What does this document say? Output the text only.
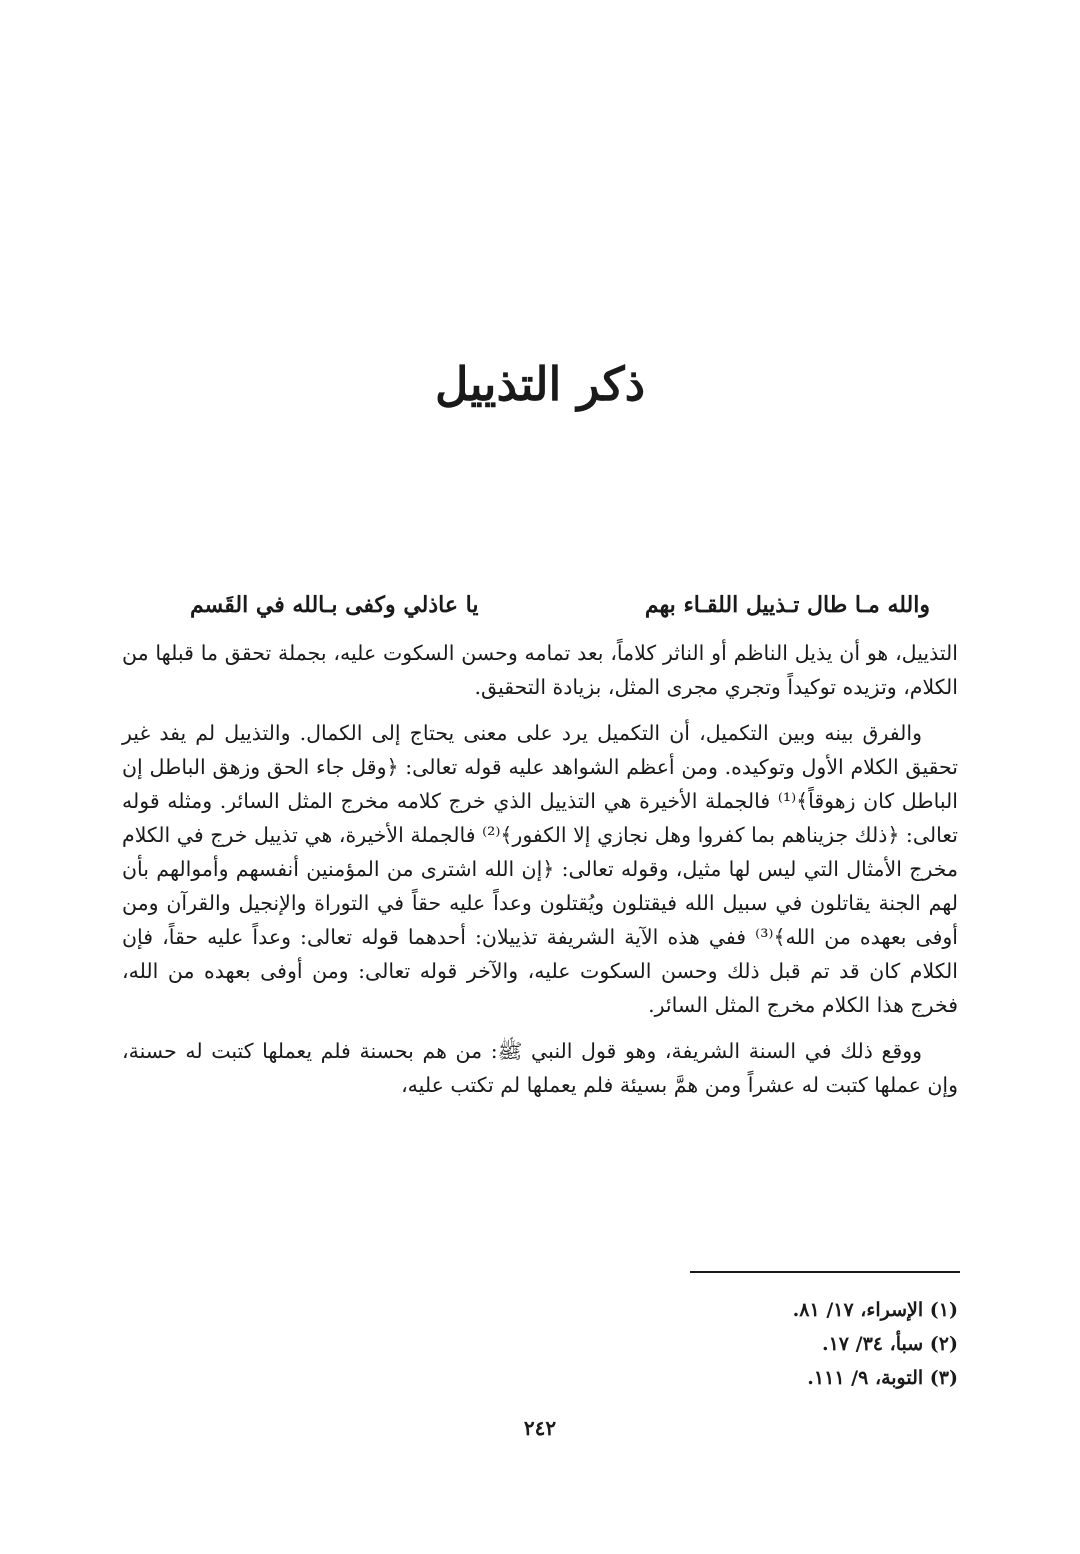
ذكر التذييل
والله مـا طال تـذييل اللقـاء بهم
يا عاذلي وكفى بـالله في القَسم

التذييل، هو أن يذيل الناظم أو الناثر كلاماً، بعد تمامه وحسن السكوت عليه، بجملة تحقق ما قبلها من الكلام، وتزيده توكيداً وتجري مجرى المثل، بزيادة التحقيق.

والفرق بينه وبين التكميل، أن التكميل يرد على معنى يحتاج إلى الكمال. والتذييل لم يفد غير تحقيق الكلام الأول وتوكيده. ومن أعظم الشواهد عليه قوله تعالى: ﴿وقل جاء الحق وزهق الباطل إن الباطل كان زهوقاً﴾⁽¹⁾ فالجملة الأخيرة هي التذييل الذي خرج كلامه مخرج المثل السائر. ومثله قوله تعالى: ﴿ذلك جزيناهم بما كفروا وهل نجازي إلا الكفور﴾⁽²⁾ فالجملة الأخيرة، هي تذييل خرج في الكلام مخرج الأمثال التي ليس لها مثيل، وقوله تعالى: ﴿إن الله اشترى من المؤمنين أنفسهم وأموالهم بأن لهم الجنة يقاتلون في سبيل الله فيقتلون ويُقتلون وعداً عليه حقاً في التوراة والإنجيل والقرآن ومن أوفى بعهده من الله﴾⁽³⁾ ففي هذه الآية الشريفة تذييلان: أحدهما قوله تعالى: وعداً عليه حقاً، فإن الكلام كان قد تم قبل ذلك وحسن السكوت عليه، والآخر قوله تعالى: ومن أوفى بعهده من الله، فخرج هذا الكلام مخرج المثل السائر.

ووقع ذلك في السنة الشريفة، وهو قول النبي ﷺ: من هم بحسنة فلم يعملها كتبت له حسنة، وإن عملها كتبت له عشراً ومن همَّ بسيئة فلم يعملها لم تكتب عليه،

(١) الإسراء، ١٧/ ٨١.
(٢) سبأ، ٣٤/ ١٧.
(٣) التوبة، ٩/ ١١١.
٢٤٢
